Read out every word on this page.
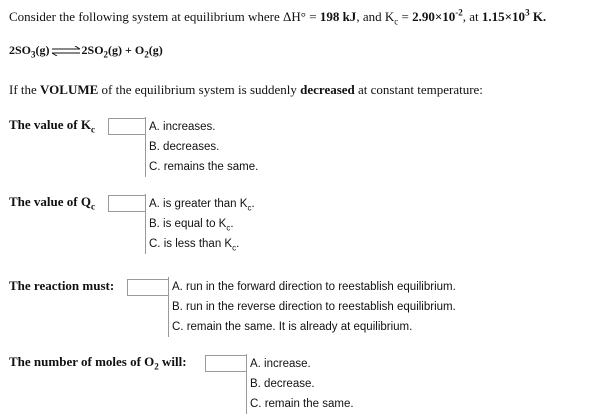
Consider the following system at equilibrium where ΔH° = 198 kJ, and $K_c = 2.90\times 10^{-2}$, at $1.15\times 10^3$ K.
$2SO_3(g)\rightleftharpoons 2SO_2(g) + O_2(g)$
If the VOLUME of the equilibrium system is suddenly decreased at constant temperature:
The value of $K_c$	A. increases.
B. decreases.
C. remains the same.
The value of $Q_c$	A. is greater than $K_c$.
B. is equal to $K_c$.
C. is less than $K_c$.
The reaction must:	A. run in the forward direction to reestablish equilibrium.
B. run in the reverse direction to reestablish equilibrium.
C. remain the same. It is already at equilibrium.
The number of moles of $O_2$ will:	A. increase.
B. decrease.
C. remain the same.
